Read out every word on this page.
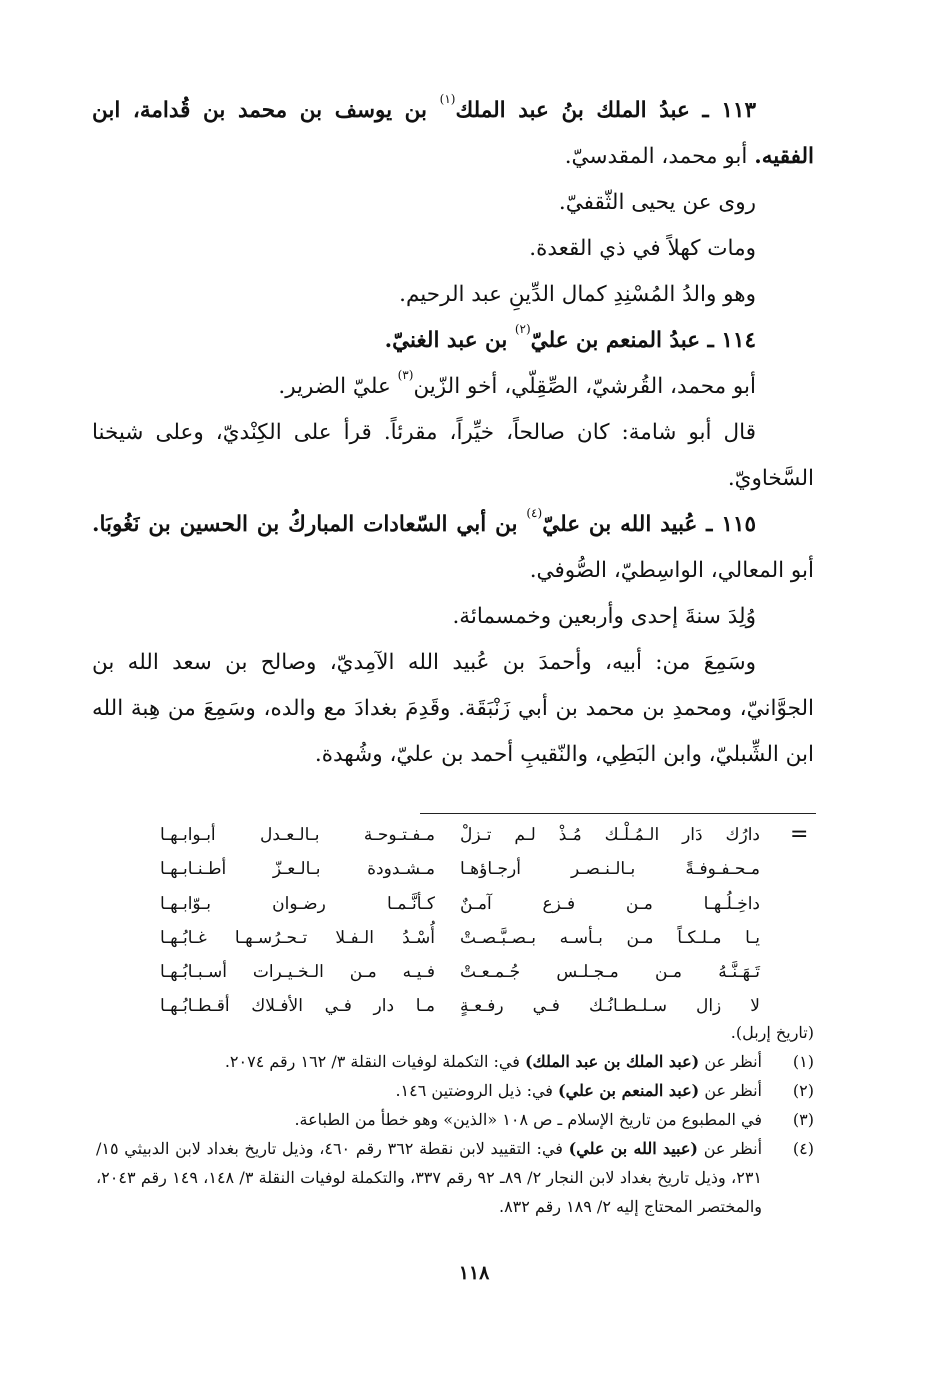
١١٣ ـ عبدُ الملك بنُ عبد الملك$^{(١)}$ بن يوسف بن محمد بن قُدامة، ابن الفقيه. أبو محمد، المقدسيّ.

روى عن يحيى الثّقفيّ.

ومات كهلاً في ذي القعدة.

وهو والدُ المُسْنِدِ كمال الدِّينِ عبد الرحيم.

١١٤ ـ عبدُ المنعم بن عليّ$^{(٢)}$ بن عبد الغنيّ.

أبو محمد، القُرشيّ، الصِّقِلّي، أخو الزّين$^{(٣)}$ عليّ الضرير.

قال أبو شامة: كان صالحاً، خيِّراً، مقرئاً. قرأ على الكِنْديّ، وعلى شيخنا السَّخاويّ.

١١٥ ـ عُبيد الله بن عليّ$^{(٤)}$ بن أبي السّعادات المباركُ بن الحسين بن نَغُوبَا. أبو المعالي، الواسِطيّ، الصُّوفي.

وُلِدَ سنةَ إحدى وأربعين وخمسمائة.

وسَمِعَ من: أبيه، وأحمدَ بن عُبيد الله الآمِديّ، وصالح بن سعد الله بن الجوَّانيّ، ومحمدِ بن محمد بن أبي زَنْبَقَة. وقَدِمَ بغدادَ مع والده، وسَمِعَ من هِبة الله ابن الشِّبليّ، وابن البَطِي، والنّقيبِ أحمد بن عليّ، وشُهدة.

=
دارُك دَار الـمُـلْـك مُـذْ لـم تـزلْ
مـفـتـوحـة بـالـعـدل أبـوابـهـا
مـحـفـوفـةً بـالـنـصـر أرجـاؤهـا
مـشـدودة بـالـعـزّ أطـنـابـهـا
داخِـلُـهـا مـن فـزع آمـنٌ
كـأنَّـمـا رضـوان بـوّابـهـا
يـا مـلـكـاً مـن بـأسـه بـصـبَّـصـتْ
أُسْـدُ الـفـلا تـحـرُسـهـا غـابُـهـا
تَـهَـنَّـهُ مـن مـجـلـس جُـمـعـتْ
فـيـه مـن الـخـيـرات أسـبـابُـهـا
لا زال سـلـطـانُـك فـي رفـعـةٍ
مـا دار فـي الأفـلاك أقـطـابُـهـا
(تاريخ إربل).
(١)
أنظر عن (عبد الملك بن عبد الملك) في: التكملة لوفيات النقلة ٣/ ١٦٢ رقم ٢٠٧٤.
(٢)
أنظر عن (عبد المنعم بن علي) في: ذيل الروضتين ١٤٦.
(٣)
في المطبوع من تاريخ الإسلام ـ ص ١٠٨ «الذين» وهو خطأ من الطباعة.
(٤)
أنظر عن (عبيد الله بن علي) في: التقييد لابن نقطة ٣٦٢ رقم ٤٦٠، وذيل تاريخ بغداد لابن الدبيثي ١٥/ ٢٣١، وذيل تاريخ بغداد لابن النجار ٢/ ٨٩ـ ٩٢ رقم ٣٣٧، والتكملة لوفيات النقلة ٣/ ١٤٨، ١٤٩ رقم ٢٠٤٣، والمختصر المحتاج إليه ٢/ ١٨٩ رقم ٨٣٢.
١١٨
